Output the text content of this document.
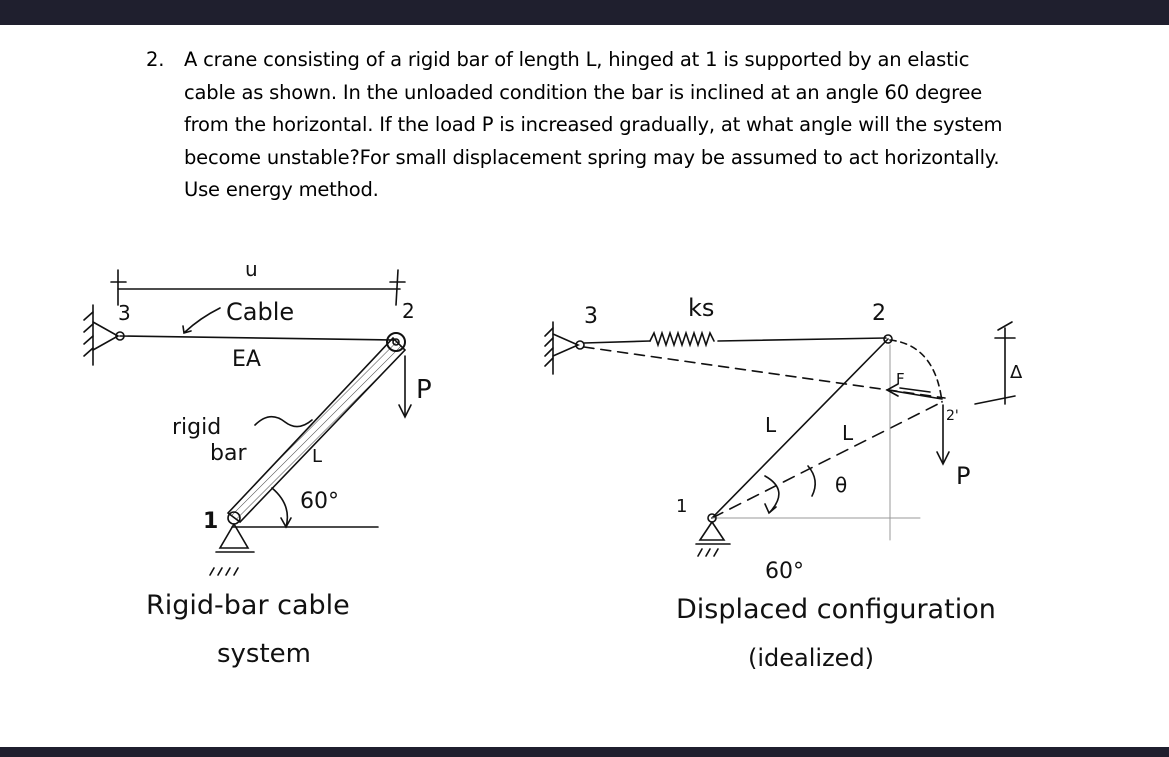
2. A crane consisting of a rigid bar of length L, hinged at 1 is supported by an elastic
cable as shown. In the unloaded condition the bar is inclined at an angle 60 degree
from the horizontal. If the load P is increased gradually, at what angle will the system
become unstable?For small displacement spring may be assumed to act horizontally.
Use energy method.
3	2
u
Cable
EA
rigid
bar	L
60°
P
1
Rigid-bar cable
system
3	ks	2
L	L
F	Δ
2'
P
θ
1
60°
Displaced configuration
(idealized)
